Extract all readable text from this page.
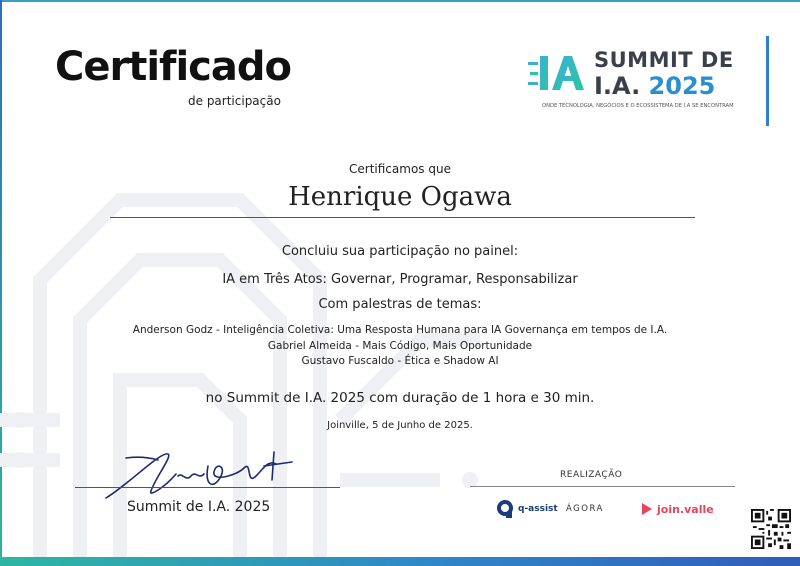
Certificado
de participação
SUMMIT DE
I.A. 2025
ONDE TECNOLOGIA, NEGÓCIOS E O ECOSSISTEMA DE I.A SE ENCONTRAM
Certificamos que
Henrique Ogawa
Concluiu sua participação no painel:
IA em Três Atos: Governar, Programar, Responsabilizar
Com palestras de temas:
Anderson Godz - Inteligência Coletiva: Uma Resposta Humana para IA Governança em tempos de I.A.
Gabriel Almeida - Mais Código, Mais Oportunidade
Gustavo Fuscaldo - Ética e Shadow AI
no Summit de I.A. 2025 com duração de 1 hora e 30 min.
Joinville, 5 de Junho de 2025.
Summit de I.A. 2025
REALIZAÇÃO
q-assist ÁGORA	join.valle
